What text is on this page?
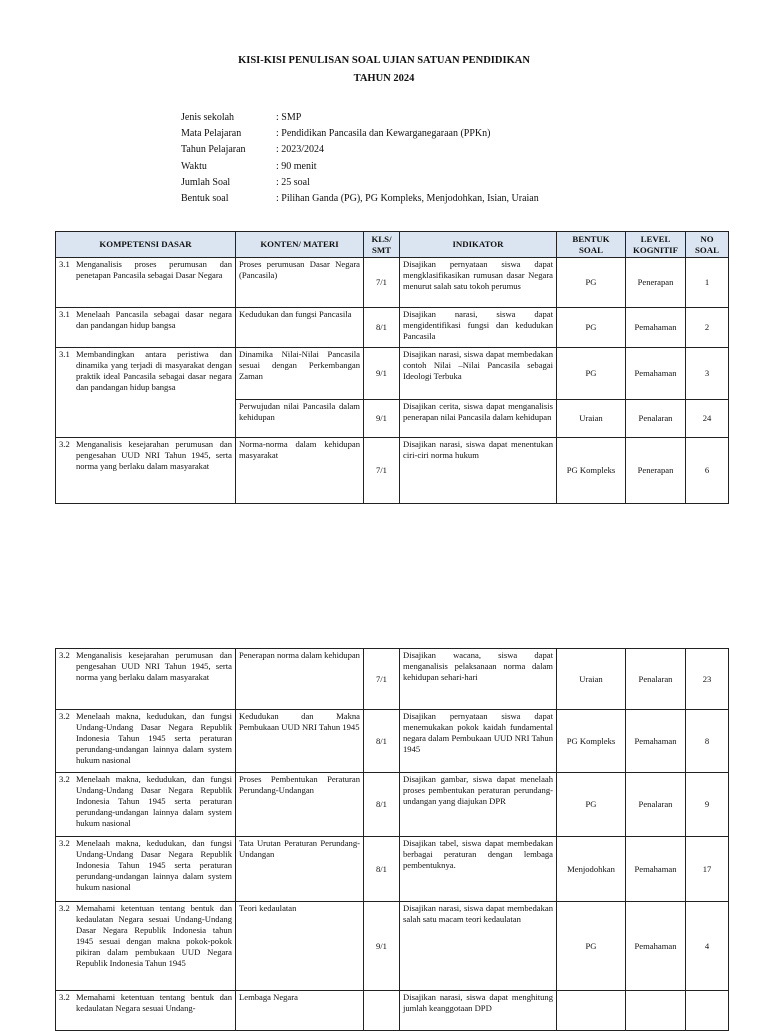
KISI-KISI PENULISAN SOAL UJIAN SATUAN PENDIDIKAN
TAHUN 2024
Jenis sekolah	: SMP
Mata Pelajaran	: Pendidikan Pancasila dan Kewarganegaraan (PPKn)
Tahun Pelajaran	: 2023/2024
Waktu	: 90 menit
Jumlah Soal	: 25 soal
Bentuk soal	: Pilihan Ganda (PG), PG Kompleks, Menjodohkan, Isian, Uraian
KOMPETENSI DASAR	KONTEN/ MATERI	KLS/ SMT	INDIKATOR	BENTUK SOAL	LEVEL KOGNITIF	NO SOAL

3.1 Menganalisis proses perumusan dan penetapan Pancasila sebagai Dasar Negara	Proses perumusan Dasar Negara (Pancasila)	7/1	Disajikan pernyataan siswa dapat mengklasifikasikan rumusan dasar Negara menurut salah satu tokoh perumus	PG	Penerapan	1

3.1 Menelaah Pancasila sebagai dasar negara dan pandangan hidup bangsa	Kedudukan dan fungsi Pancasila	8/1	Disajikan narasi, siswa dapat mengidentifikasi fungsi dan kedudukan Pancasila	PG	Pemahaman	2

3.1 Membandingkan antara peristiwa dan dinamika yang terjadi di masyarakat dengan praktik ideal Pancasila sebagai dasar negara dan pandangan hidup bangsa	Dinamika Nilai-Nilai Pancasila sesuai dengan Perkembangan Zaman	9/1	Disajikan narasi, siswa dapat membedakan contoh Nilai –Nilai Pancasila sebagai Ideologi Terbuka	PG	Pemahaman	3
	Perwujudan nilai Pancasila dalam kehidupan	9/1	Disajikan cerita, siswa dapat menganalisis penerapan nilai Pancasila dalam kehidupan	Uraian	Penalaran	24

3.2 Menganalisis kesejarahan perumusan dan pengesahan UUD NRI Tahun 1945, serta norma yang berlaku dalam masyarakat	Norma-norma dalam kehidupan masyarakat	7/1	Disajikan narasi, siswa dapat menentukan ciri-ciri norma hukum	PG Kompleks	Penerapan	6
3.2 Menganalisis kesejarahan perumusan dan pengesahan UUD NRI Tahun 1945, serta norma yang berlaku dalam masyarakat	Penerapan norma dalam kehidupan	7/1	Disajikan wacana, siswa dapat menganalisis pelaksanaan norma dalam kehidupan sehari-hari	Uraian	Penalaran	23

3.2 Menelaah makna, kedudukan, dan fungsi Undang-Undang Dasar Negara Republik Indonesia Tahun 1945 serta peraturan perundang-undangan lainnya dalam system hukum nasional	Kedudukan dan Makna Pembukaan UUD NRI Tahun 1945	8/1	Disajikan pernyataan siswa dapat menemukakan pokok kaidah fundamental negara dalam Pembukaan UUD NRI Tahun 1945	PG Kompleks	Pemahaman	8

3.2 Menelaah makna, kedudukan, dan fungsi Undang-Undang Dasar Negara Republik Indonesia Tahun 1945 serta peraturan perundang-undangan lainnya dalam system hukum nasional	Proses Pembentukan Peraturan Perundang-Undangan	8/1	Disajikan gambar, siswa dapat menelaah proses pembentukan peraturan perundang-undangan yang diajukan DPR	PG	Penalaran	9

3.2 Menelaah makna, kedudukan, dan fungsi Undang-Undang Dasar Negara Republik Indonesia Tahun 1945 serta peraturan perundang-undangan lainnya dalam system hukum nasional	Tata Urutan Peraturan Perundang-Undangan	8/1	Disajikan tabel, siswa dapat membedakan berbagai peraturan dengan lembaga pembentuknya.	Menjodohkan	Pemahaman	17

3.2 Memahami ketentuan tentang bentuk dan kedaulatan Negara sesuai Undang-Undang Dasar Negara Republik Indonesia tahun 1945 sesuai dengan makna pokok-pokok pikiran dalam pembukaan UUD Negara Republik Indonesia Tahun 1945	Teori kedaulatan	9/1	Disajikan narasi, siswa dapat membedakan salah satu macam teori kedaulatan	PG	Pemahaman	4

3.2 Memahami ketentuan tentang bentuk dan kedaulatan Negara sesuai Undang-	Lembaga Negara		Disajikan narasi, siswa dapat menghitung jumlah keanggotaan DPD			
